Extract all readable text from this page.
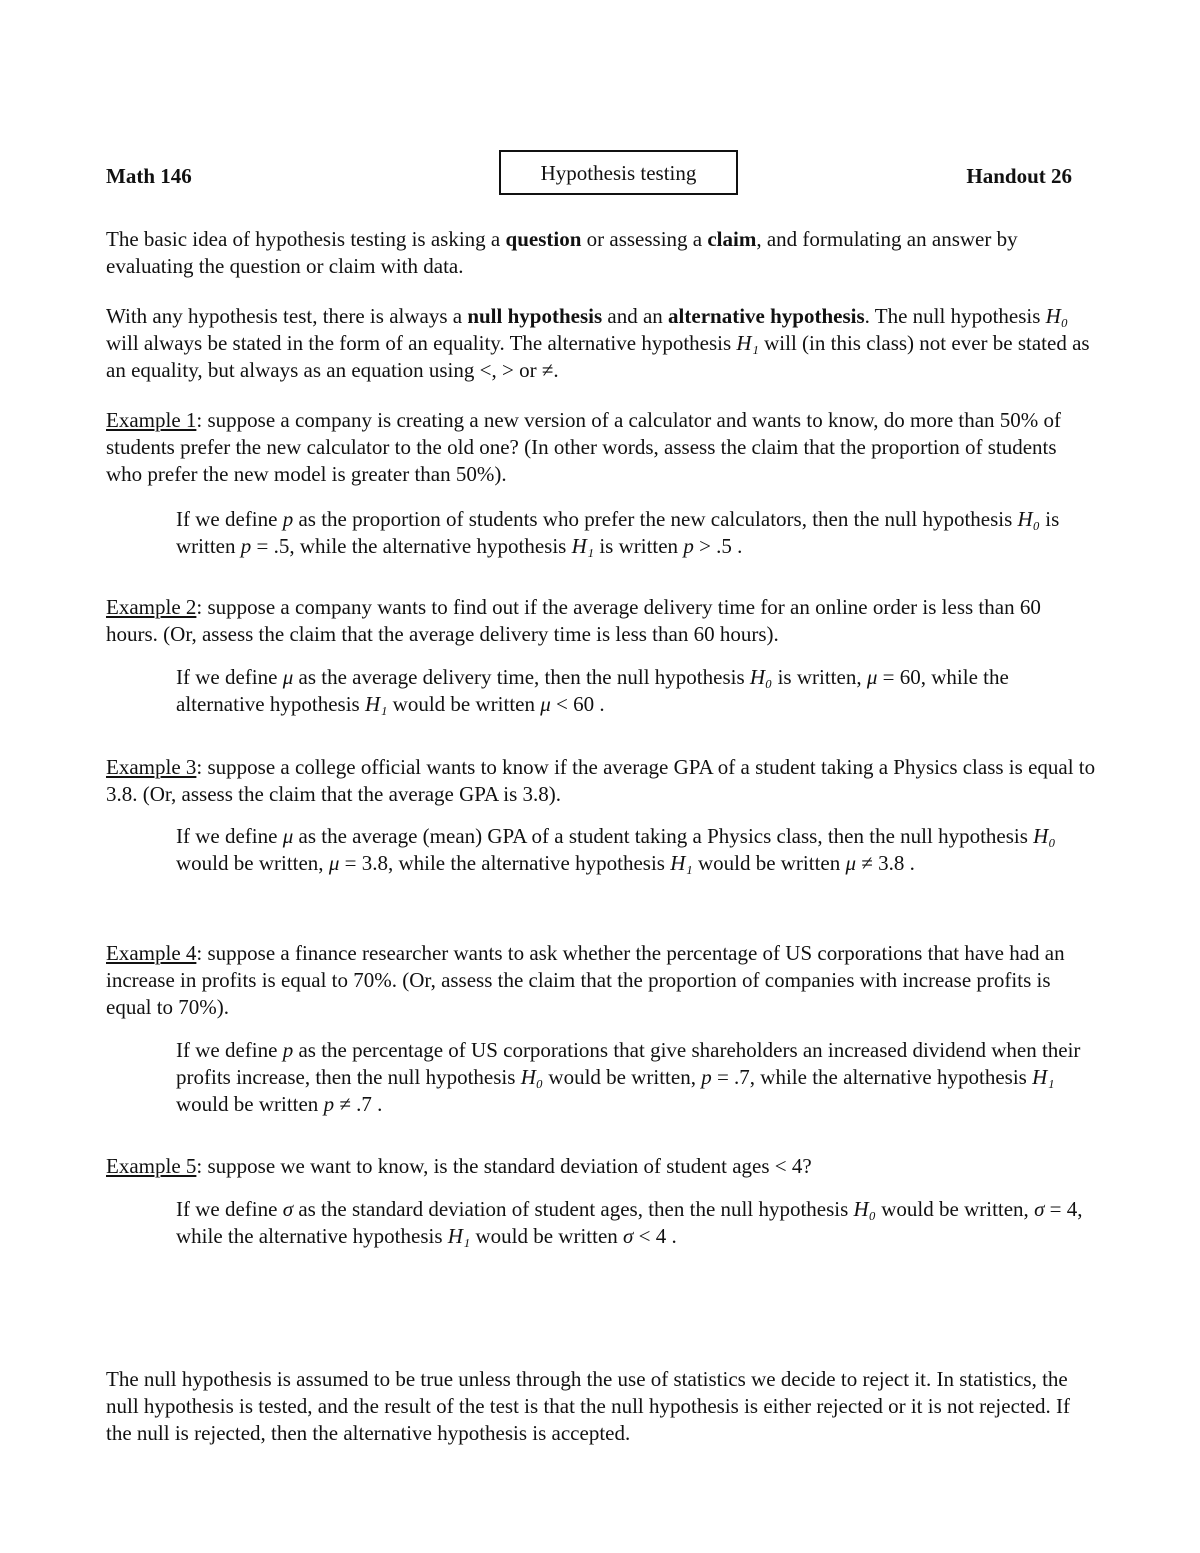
Math 146	Hypothesis testing	Handout 26

The basic idea of hypothesis testing is asking a question or assessing a claim, and formulating an answer by evaluating the question or claim with data.

With any hypothesis test, there is always a null hypothesis and an alternative hypothesis. The null hypothesis H₀ will always be stated in the form of an equality. The alternative hypothesis H₁ will (in this class) not ever be stated as an equality, but always as an equation using <, > or ≠.

Example 1: suppose a company is creating a new version of a calculator and wants to know, do more than 50% of students prefer the new calculator to the old one? (In other words, assess the claim that the proportion of students who prefer the new model is greater than 50%).

If we define p as the proportion of students who prefer the new calculators, then the null hypothesis H₀ is written p = .5, while the alternative hypothesis H₁ is written p > .5 .

Example 2: suppose a company wants to find out if the average delivery time for an online order is less than 60 hours. (Or, assess the claim that the average delivery time is less than 60 hours).

If we define μ as the average delivery time, then the null hypothesis H₀ is written, μ = 60, while the alternative hypothesis H₁ would be written μ < 60 .

Example 3: suppose a college official wants to know if the average GPA of a student taking a Physics class is equal to 3.8. (Or, assess the claim that the average GPA is 3.8).

If we define μ as the average (mean) GPA of a student taking a Physics class, then the null hypothesis H₀ would be written, μ = 3.8, while the alternative hypothesis H₁ would be written μ ≠ 3.8 .

Example 4: suppose a finance researcher wants to ask whether the percentage of US corporations that have had an increase in profits is equal to 70%. (Or, assess the claim that the proportion of companies with increase profits is equal to 70%).

If we define p as the percentage of US corporations that give shareholders an increased dividend when their profits increase, then the null hypothesis H₀ would be written, p = .7, while the alternative hypothesis H₁ would be written p ≠ .7 .

Example 5: suppose we want to know, is the standard deviation of student ages < 4?

If we define σ as the standard deviation of student ages, then the null hypothesis H₀ would be written, σ = 4, while the alternative hypothesis H₁ would be written σ < 4 .

The null hypothesis is assumed to be true unless through the use of statistics we decide to reject it. In statistics, the null hypothesis is tested, and the result of the test is that the null hypothesis is either rejected or it is not rejected. If the null is rejected, then the alternative hypothesis is accepted.
